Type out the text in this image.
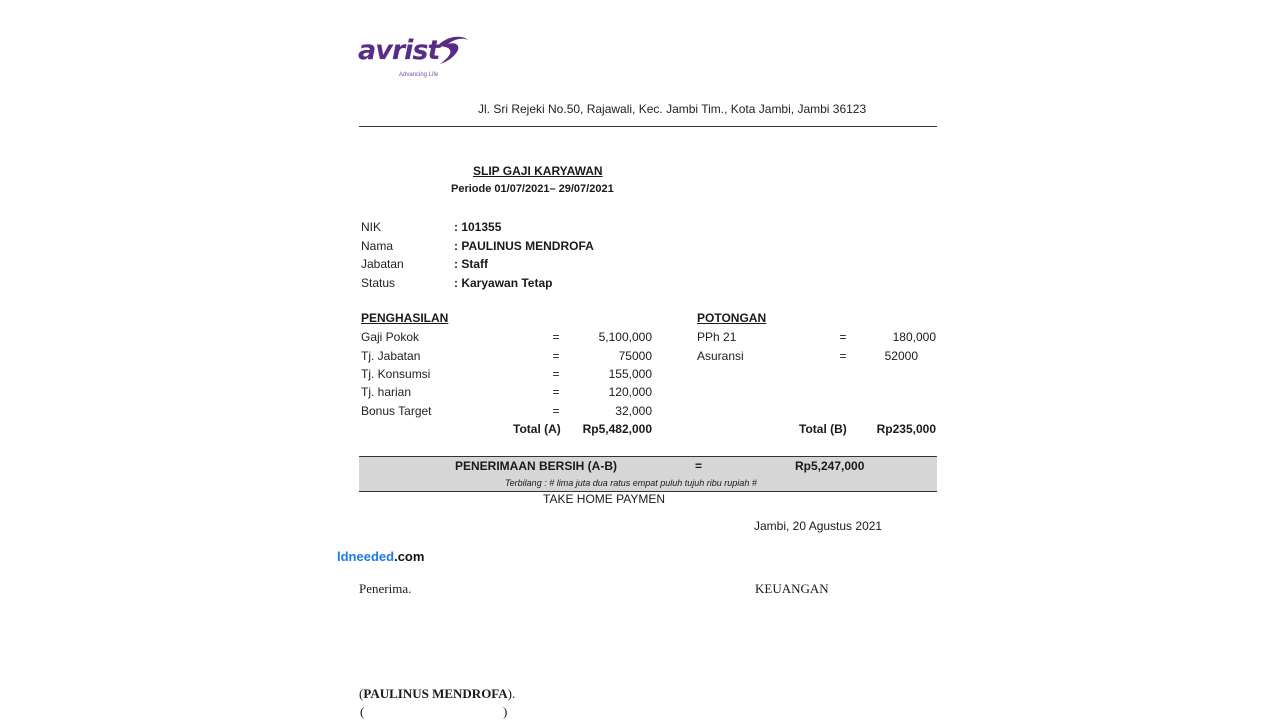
avrist
Advancing Life
Jl. Sri Rejeki No.50, Rajawali, Kec. Jambi Tim., Kota Jambi, Jambi 36123
SLIP GAJI KARYAWAN
Periode 01/07/2021– 29/07/2021
NIK	: 101355
Nama	: PAULINUS MENDROFA
Jabatan	: Staff
Status	: Karyawan Tetap
PENGHASILAN
Gaji Pokok	=	5,100,000
Tj. Jabatan	=	75000
Tj. Konsumsi	=	155,000
Tj. harian	=	120,000
Bonus Target	=	32,000
Total (A)	Rp5,482,000
POTONGAN
PPh 21	=	180,000
Asuransi	=	52000
Total (B)	Rp235,000
PENERIMAAN BERSIH (A-B)	=	Rp5,247,000
Terbilang : # lima juta dua ratus empat puluh tujuh ribu rupiah #
TAKE HOME PAYMEN
Jambi, 20 Agustus 2021
ldneeded.com
Penerima.	KEUANGAN
(PAULINUS MENDROFA).
(	)
